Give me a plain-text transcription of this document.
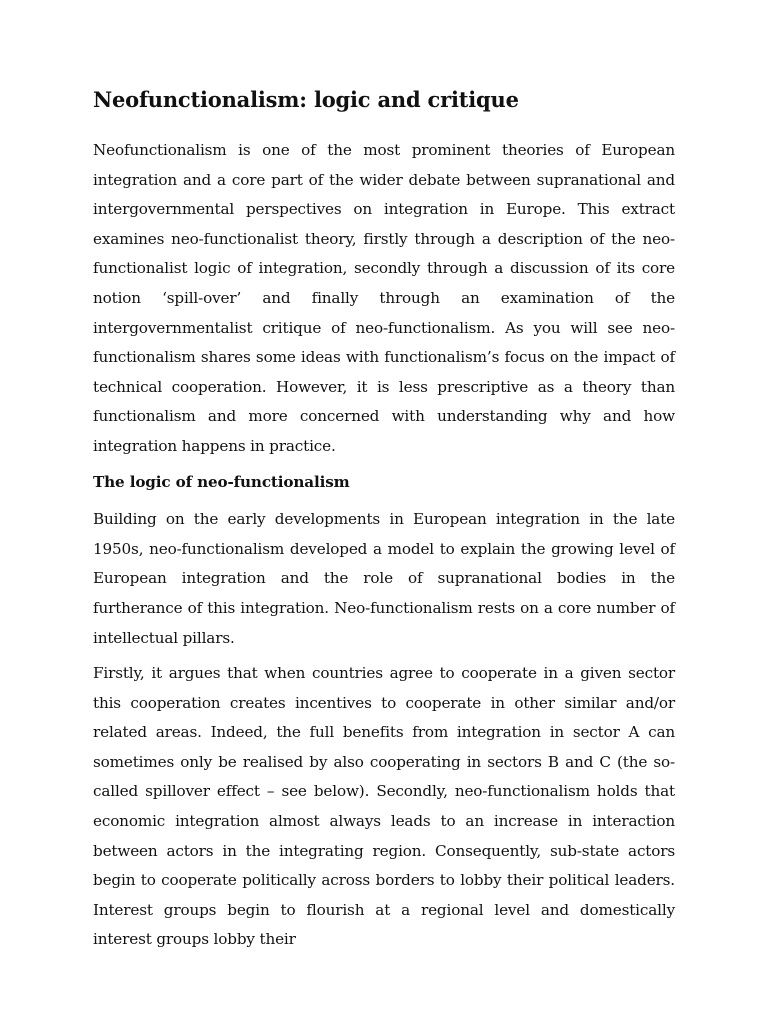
Neofunctionalism: logic and critique

Neofunctionalism is one of the most prominent theories of European integration and a core part of the wider debate between supranational and intergovernmental perspectives on integration in Europe. This extract examines neo-functionalist theory, firstly through a description of the neo-functionalist logic of integration, secondly through a discussion of its core notion ‘spill-over’ and finally through an examination of the intergovernmentalist critique of neo-functionalism. As you will see neo-functionalism shares some ideas with functionalism’s focus on the impact of technical cooperation. However, it is less prescriptive as a theory than functionalism and more concerned with understanding why and how integration happens in practice.

The logic of neo-functionalism

Building on the early developments in European integration in the late 1950s, neo-functionalism developed a model to explain the growing level of European integration and the role of supranational bodies in the furtherance of this integration. Neo-functionalism rests on a core number of intellectual pillars.

Firstly, it argues that when countries agree to cooperate in a given sector this cooperation creates incentives to cooperate in other similar and/or related areas. Indeed, the full benefits from integration in sector A can sometimes only be realised by also cooperating in sectors B and C (the so-called spillover effect – see below). Secondly, neo-functionalism holds that economic integration almost always leads to an increase in interaction between actors in the integrating region. Consequently, sub-state actors begin to cooperate politically across borders to lobby their political leaders. Interest groups begin to flourish at a regional level and domestically interest groups lobby their
